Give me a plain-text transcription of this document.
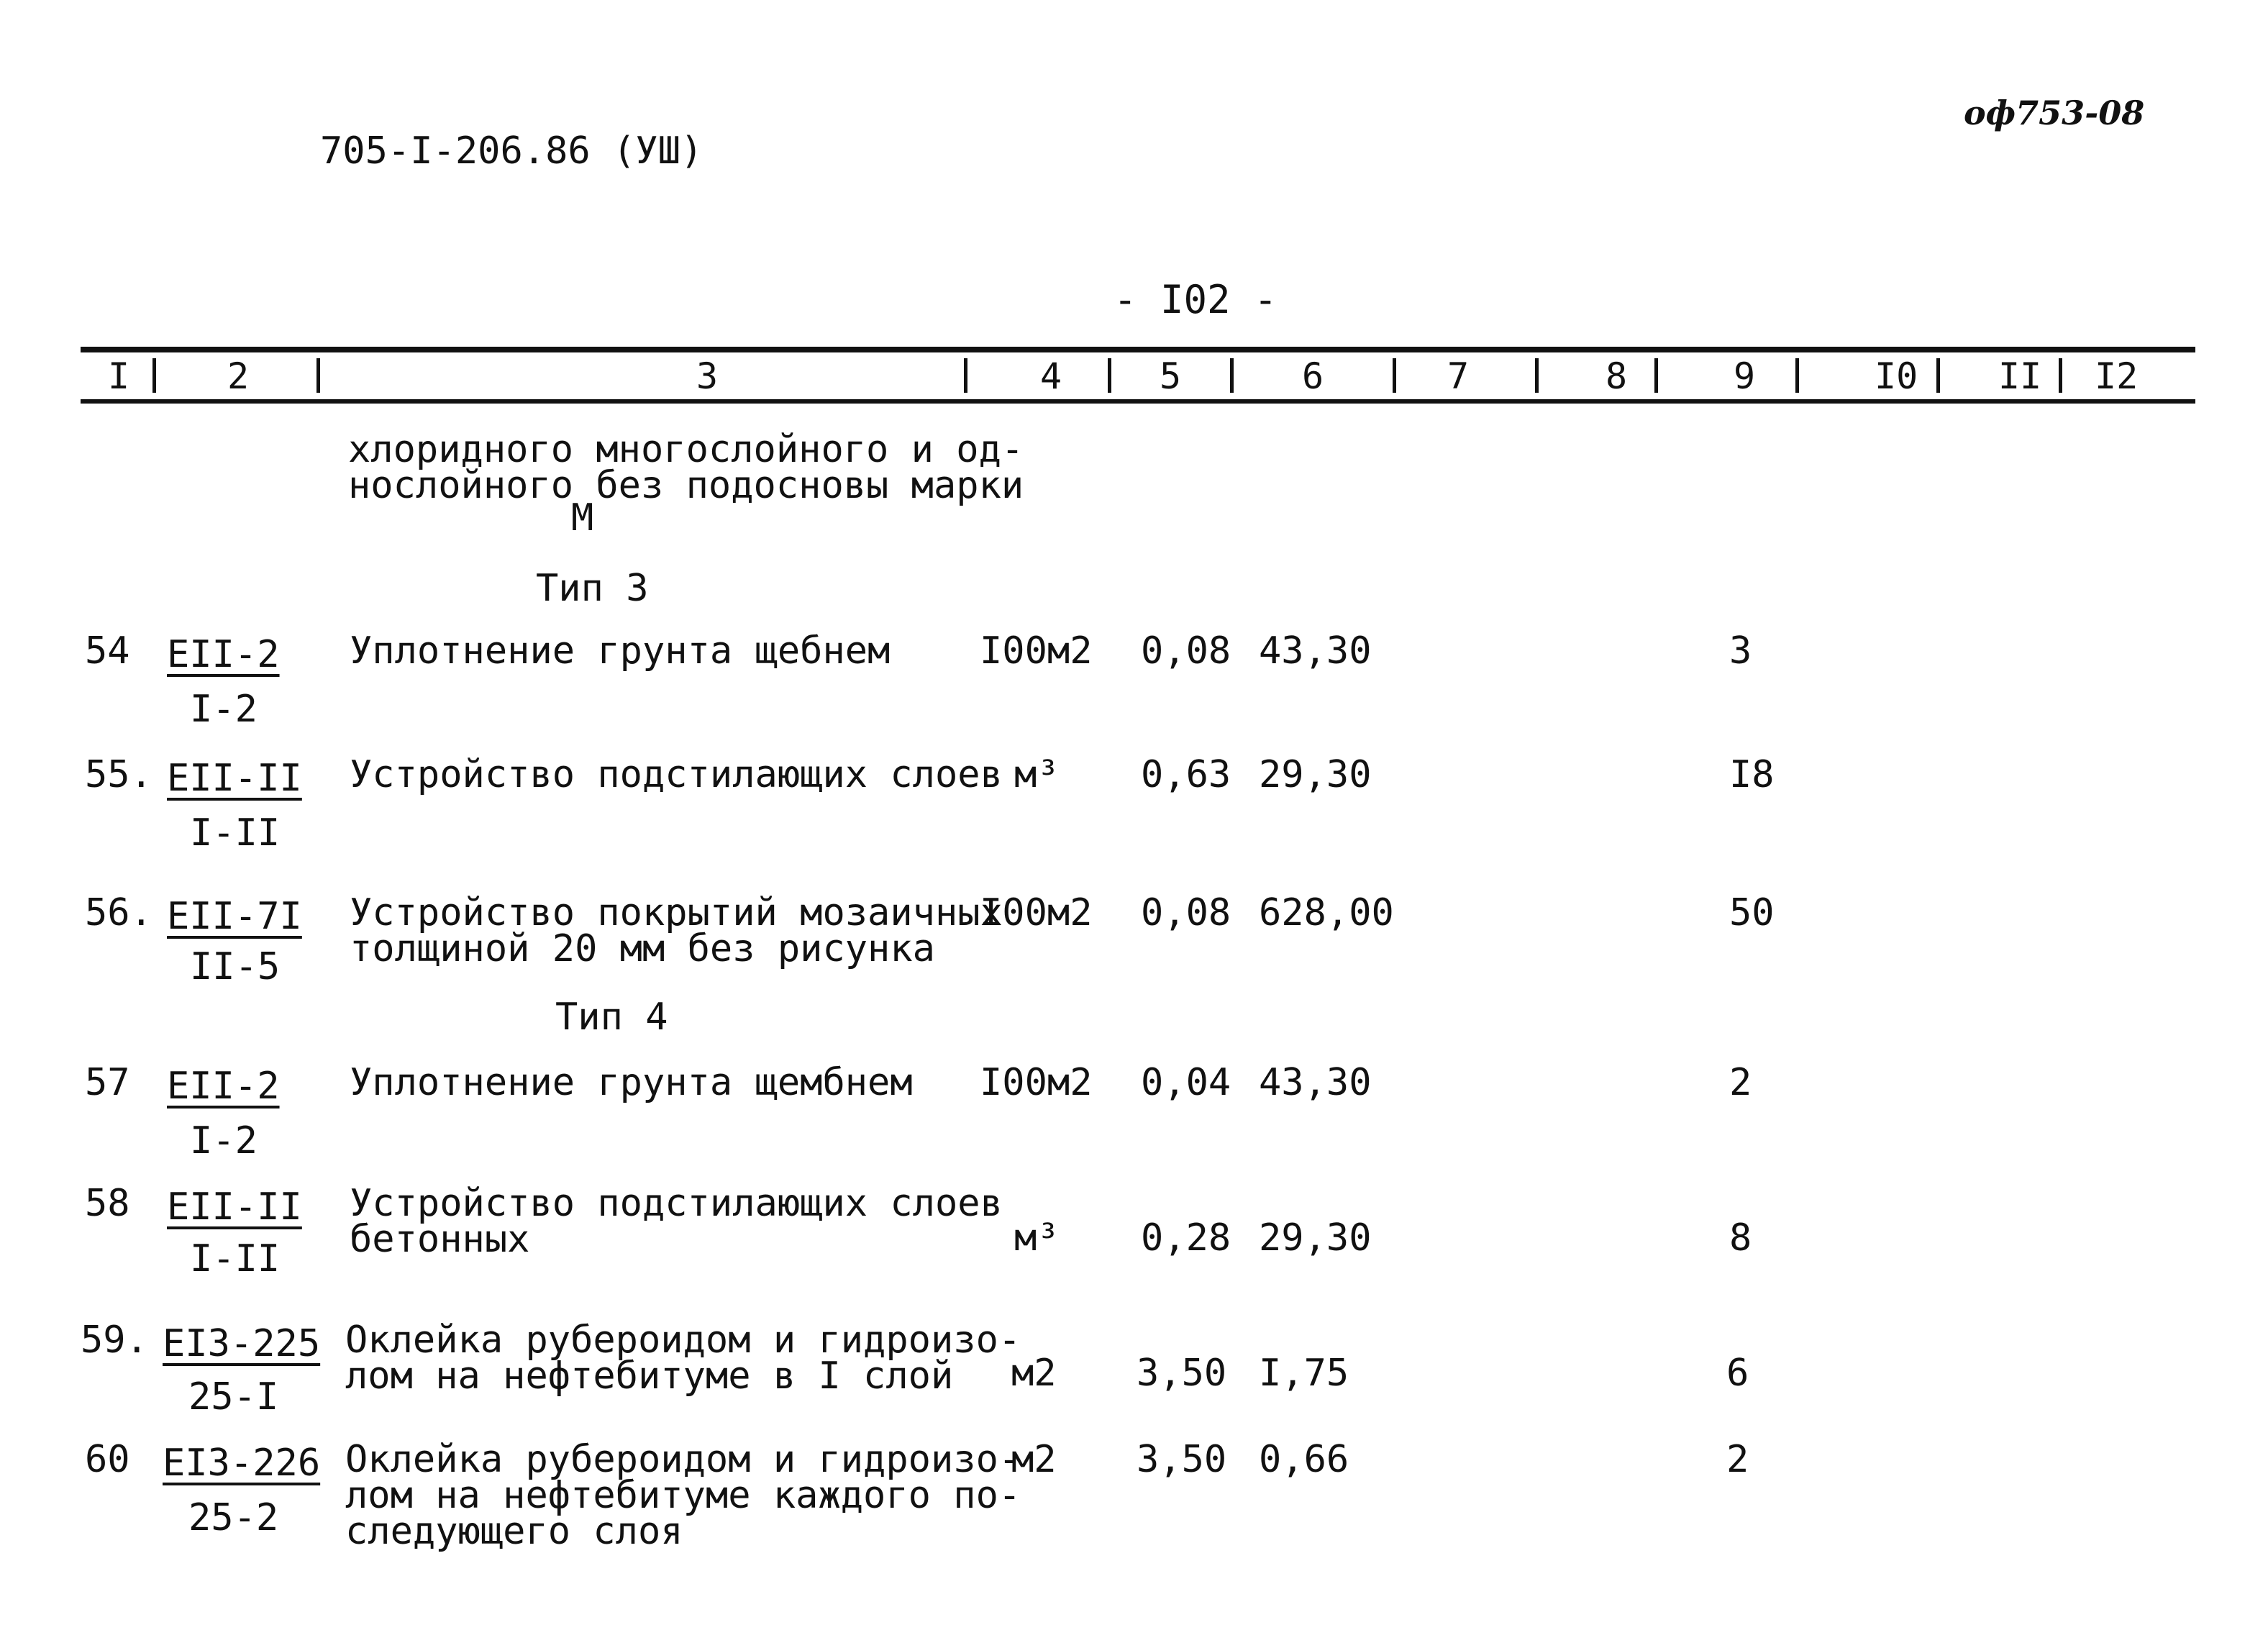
705-I-206.86 (УШ)
оф753-08
- I02 -
I	2	3	4	5	6	7	8	9	I0 II I2
хлоридного многослойного и од-
нослойного без подосновы марки
М
Тип 3
54 EII-2
I-2
Уплотнение грунта щебнем I00м2 0,08 43,30	3
55. EII-II
I-II
Устройство подстилающих слоев м³ 0,63 29,30	I8
56. EII-7I
II-5
Устройство покрытий мозаичных
толщиной 20 мм без рисунка
I00м2 0,08 628,00	50
Тип 4
57 EII-2
I-2
Уплотнение грунта щембнем I00м2 0,04 43,30	2
58 EII-II
I-II
Устройство подстилающих слоев
бетонных	м³ 0,28 29,30	8
59. EI3-225
25-I
Оклейка рубероидом и гидроизо-
лом на нефтебитуме в I слой м2 3,50 I,75	6
60 EI3-226
25-2
Оклейка рубероидом и гидроизо-
лом на нефтебитуме каждого по-
следующего слоя
м2 3,50 0,66	2
